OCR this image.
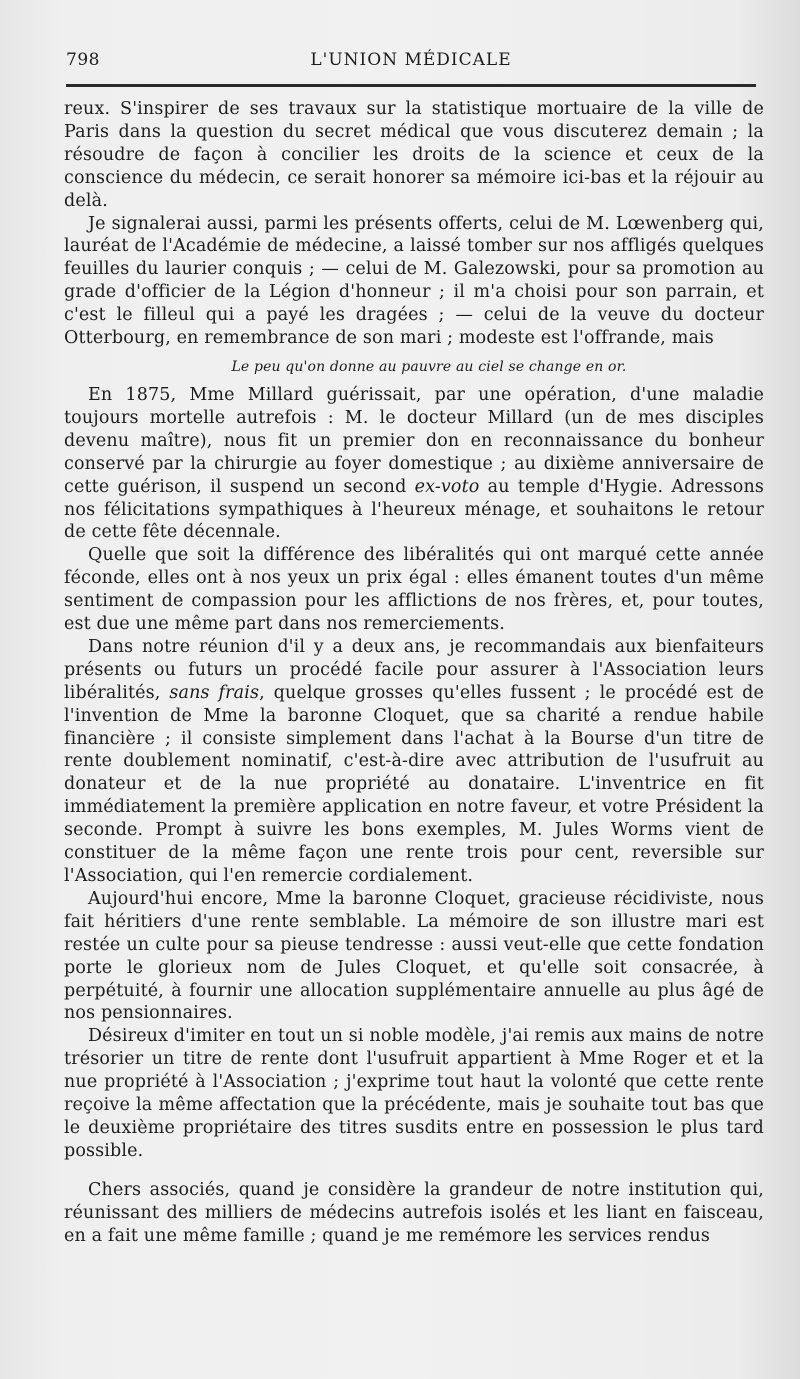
798	L'UNION MÉDICALE

reux. S'inspirer de ses travaux sur la statistique mortuaire de la ville de Paris dans la question du secret médical que vous discuterez demain ; la résoudre de façon à concilier les droits de la science et ceux de la conscience du médecin, ce serait honorer sa mémoire ici-bas et la réjouir au delà.

Je signalerai aussi, parmi les présents offerts, celui de M. Lœwenberg qui, lauréat de l'Académie de médecine, a laissé tomber sur nos affligés quelques feuilles du laurier conquis ; — celui de M. Galezowski, pour sa promotion au grade d'officier de la Légion d'honneur ; il m'a choisi pour son parrain, et c'est le filleul qui a payé les dragées ; — celui de la veuve du docteur Otterbourg, en remembrance de son mari ; modeste est l'offrande, mais

Le peu qu'on donne au pauvre au ciel se change en or.

En 1875, Mme Millard guérissait, par une opération, d'une maladie toujours mortelle autrefois : M. le docteur Millard (un de mes disciples devenu maître), nous fit un premier don en reconnaissance du bonheur conservé par la chirurgie au foyer domestique ; au dixième anniversaire de cette guérison, il suspend un second ex-voto au temple d'Hygie. Adressons nos félicitations sympathiques à l'heureux ménage, et souhaitons le retour de cette fête décennale.

Quelle que soit la différence des libéralités qui ont marqué cette année féconde, elles ont à nos yeux un prix égal : elles émanent toutes d'un même sentiment de compassion pour les afflictions de nos frères, et, pour toutes, est due une même part dans nos remerciements.

Dans notre réunion d'il y a deux ans, je recommandais aux bienfaiteurs présents ou futurs un procédé facile pour assurer à l'Association leurs libéralités, sans frais, quelque grosses qu'elles fussent ; le procédé est de l'invention de Mme la baronne Cloquet, que sa charité a rendue habile financière ; il consiste simplement dans l'achat à la Bourse d'un titre de rente doublement nominatif, c'est-à-dire avec attribution de l'usufruit au donateur et de la nue propriété au donataire. L'inventrice en fit immédiatement la première application en notre faveur, et votre Président la seconde. Prompt à suivre les bons exemples, M. Jules Worms vient de constituer de la même façon une rente trois pour cent, reversible sur l'Association, qui l'en remercie cordialement.

Aujourd'hui encore, Mme la baronne Cloquet, gracieuse récidiviste, nous fait héritiers d'une rente semblable. La mémoire de son illustre mari est restée un culte pour sa pieuse tendresse : aussi veut-elle que cette fondation porte le glorieux nom de Jules Cloquet, et qu'elle soit consacrée, à perpétuité, à fournir une allocation supplémentaire annuelle au plus âgé de nos pensionnaires.

Désireux d'imiter en tout un si noble modèle, j'ai remis aux mains de notre trésorier un titre de rente dont l'usufruit appartient à Mme Roger et et la nue propriété à l'Association ; j'exprime tout haut la volonté que cette rente reçoive la même affectation que la précédente, mais je souhaite tout bas que le deuxième propriétaire des titres susdits entre en possession le plus tard possible.

Chers associés, quand je considère la grandeur de notre institution qui, réunissant des milliers de médecins autrefois isolés et les liant en faisceau, en a fait une même famille ; quand je me remémore les services rendus
